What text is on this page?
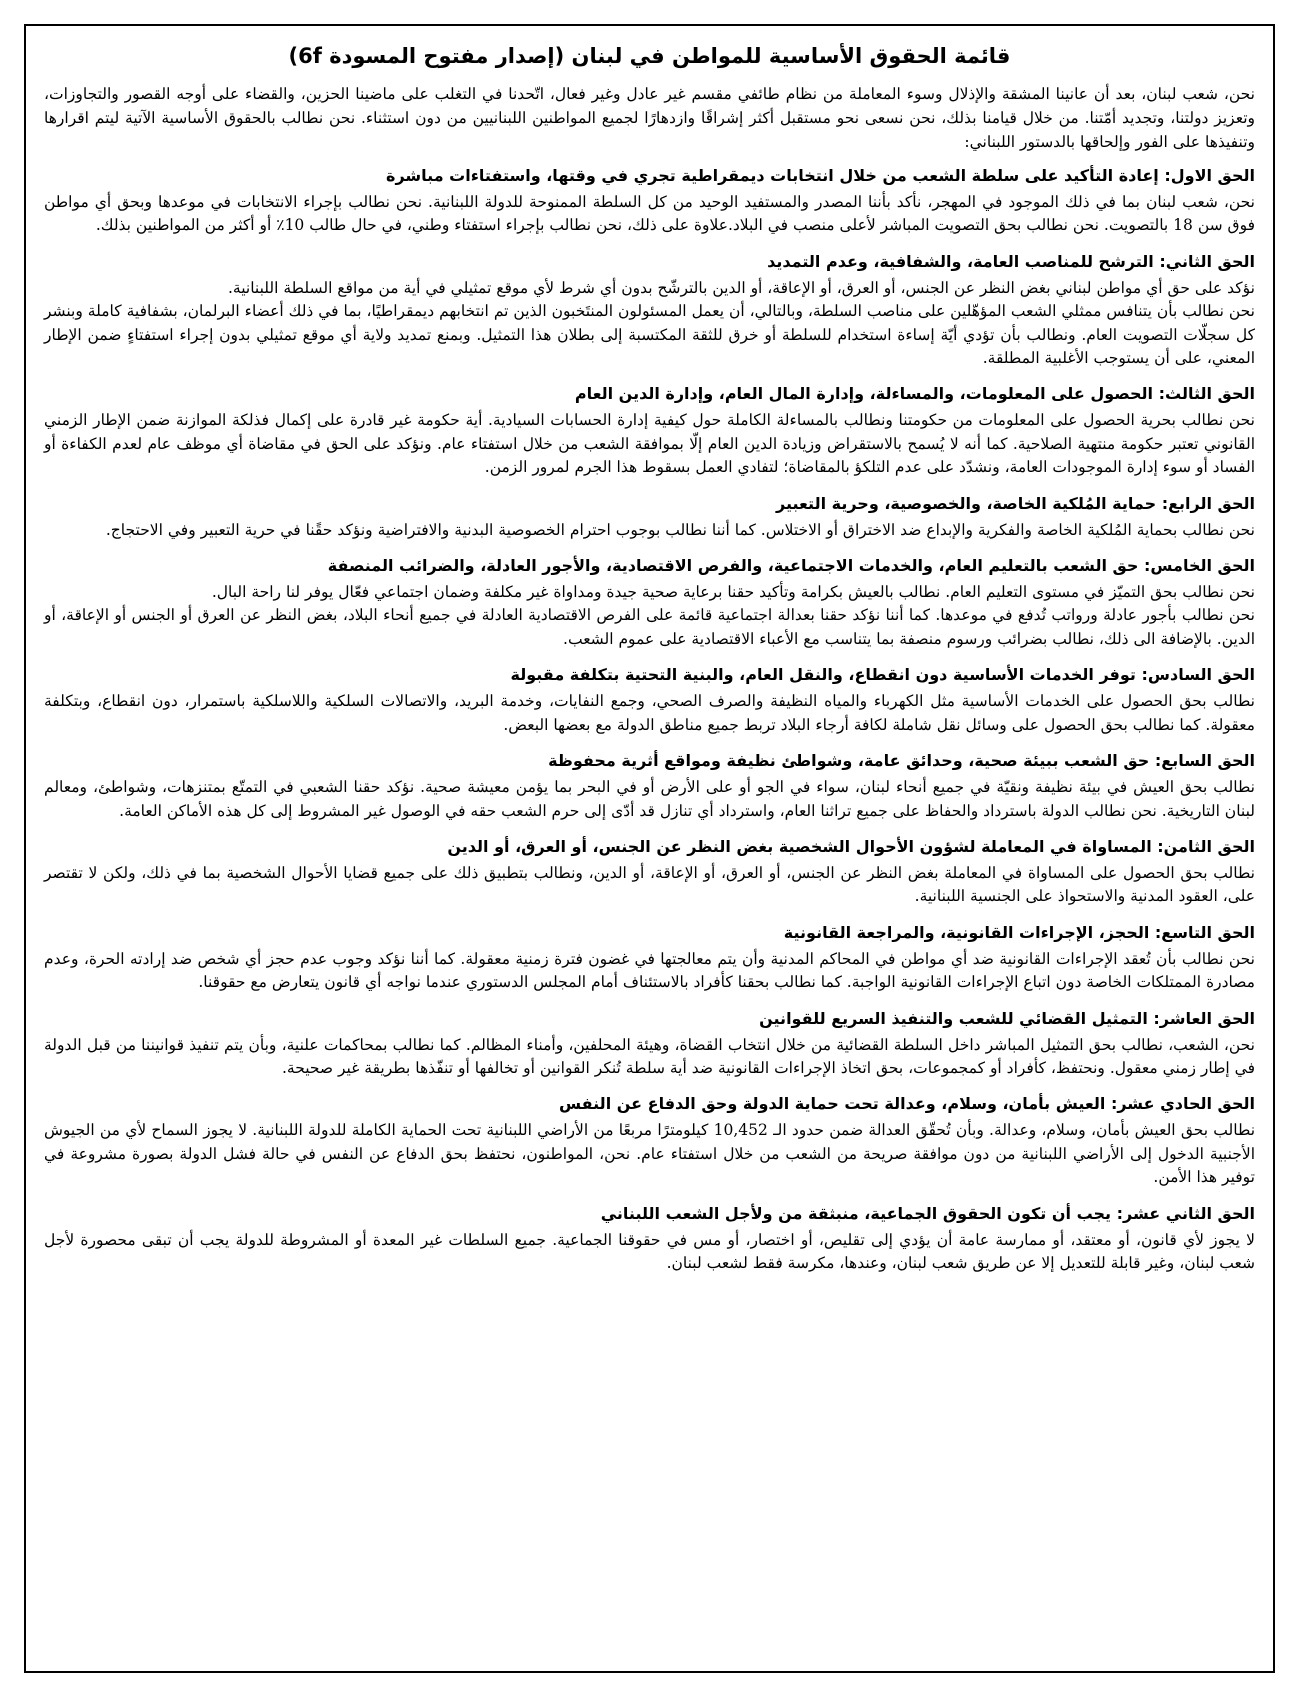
قائمة الحقوق الأساسية للمواطن في لبنان (إصدار مفتوح المسودة 6f)
نحن، شعب لبنان، بعد أن عانينا المشقة والإذلال وسوء المعاملة من نظام طائفي مقسم غير عادل وغير فعال، اتّحدنا في التغلب على ماضينا الحزين، والقضاء على أوجه القصور والتجاوزات، وتعزيز دولتنا، وتجديد أمّتنا. من خلال قيامنا بذلك، نحن نسعى نحو مستقبل أكثر إشراقًا وازدهارًا لجميع المواطنين اللبنانيين من دون استثناء. نحن نطالب بالحقوق الأساسية الآتية ليتم اقرارها وتنفيذها على الفور وإلحاقها بالدستور اللبناني:
الحق الاول: إعادة التأكيد على سلطة الشعب من خلال انتخابات ديمقراطية تجري في وقتها، واستفتاءات مباشرة

نحن، شعب لبنان بما في ذلك الموجود في المهجر، نأكد بأننا المصدر والمستفيد الوحيد من كل السلطة الممنوحة للدولة اللبنانية. نحن نطالب بإجراء الانتخابات في موعدها وبحق أي مواطن فوق سن 18 بالتصويت. نحن نطالب بحق التصويت المباشر لأعلى منصب في البلاد.علاوة على ذلك، نحن نطالب بإجراء استفتاء وطني، في حال طالب 10٪ أو أكثر من المواطنين بذلك.

الحق الثاني: الترشح للمناصب العامة، والشفافية، وعدم التمديد

نؤكد على حق أي مواطن لبناني بغض النظر عن الجنس، أو العرق، أو الإعاقة، أو الدين بالترشّح بدون أي شرط لأي موقع تمثيلي في أية من مواقع السلطة اللبنانية.

نحن نطالب بأن يتنافس ممثلي الشعب المؤهّلين على مناصب السلطة، وبالتالي، أن يعمل المسئولون المنتَخبون الذين تم انتخابهم ديمقراطيًا، بما في ذلك أعضاء البرلمان، بشفافية كاملة وبنشر كل سجلّات التصويت العام. ونطالب بأن تؤدي أيّة إساءة استخدام للسلطة أو خرق للثقة المكتسبة إلى بطلان هذا التمثيل. وبمنع تمديد ولاية أي موقع تمثيلي بدون إجراء استفتاءٍ ضمن الإطار المعني، على أن يستوجب الأغلبية المطلقة.

الحق الثالث: الحصول على المعلومات، والمساءلة، وإدارة المال العام، وإدارة الدين العام

نحن نطالب بحرية الحصول على المعلومات من حكومتنا ونطالب بالمساءلة الكاملة حول كيفية إدارة الحسابات السيادية. أية حكومة غير قادرة على إكمال فذلكة الموازنة ضمن الإطار الزمني القانوني تعتبر حكومة منتهية الصلاحية. كما أنه لا يُسمح بالاستقراض وزيادة الدين العام إلّا بموافقة الشعب من خلال استفتاء عام. ونؤكد على الحق في مقاضاة أي موظف عام لعدم الكفاءة أو الفساد أو سوء إدارة الموجودات العامة، ونشدّد على عدم التلكؤ بالمقاضاة؛ لتفادي العمل بسقوط هذا الجرم لمرور الزمن.

الحق الرابع: حماية المُلكية الخاصة، والخصوصية، وحرية التعبير

نحن نطالب بحماية المُلكية الخاصة والفكرية والإبداع ضد الاختراق أو الاختلاس. كما أننا نطالب بوجوب احترام الخصوصية البدنية والافتراضية ونؤكد حقًنا في حرية التعبير وفي الاحتجاج.

الحق الخامس: حق الشعب بالتعليم العام، والخدمات الاجتماعية، والفرص الاقتصادية، والأجور العادلة، والضرائب المنصفة

نحن نطالب بحق التميّز في مستوى التعليم العام. نطالب بالعيش بكرامة وتأكيد حقنا برعاية صحية جيدة ومداواة غير مكلفة وضمان اجتماعي فعّال يوفر لنا راحة البال.

نحن نطالب بأجور عادلة ورواتب تُدفع في موعدها. كما أننا نؤكد حقنا بعدالة اجتماعية قائمة على الفرص الاقتصادية العادلة في جميع أنحاء البلاد، بغض النظر عن العرق أو الجنس أو الإعاقة، أو الدين. بالإضافة الى ذلك، نطالب بضرائب ورسوم منصفة بما يتناسب مع الأعباء الاقتصادية على عموم الشعب.

الحق السادس: توفر الخدمات الأساسية دون انقطاع، والنقل العام، والبنية التحتية بتكلفة مقبولة

نطالب بحق الحصول على الخدمات الأساسية مثل الكهرباء والمياه النظيفة والصرف الصحي، وجمع النفايات، وخدمة البريد، والاتصالات السلكية واللاسلكية باستمرار، دون انقطاع، وبتكلفة معقولة. كما نطالب بحق الحصول على وسائل نقل شاملة لكافة أرجاء البلاد تربط جميع مناطق الدولة مع بعضها البعض.

الحق السابع: حق الشعب ببيئة صحية، وحدائق عامة، وشواطئ نظيفة ومواقع أثرية محفوظة

نطالب بحق العيش في بيئة نظيفة ونقيّة في جميع أنحاء لبنان، سواء في الجو أو على الأرض أو في البحر بما يؤمن معيشة صحية. نؤكد حقنا الشعبي في التمتّع بمتنزهات، وشواطئ، ومعالم لبنان التاريخية. نحن نطالب الدولة باسترداد والحفاظ على جميع تراثنا العام، واسترداد أي تنازل قد أدّى إلى حرم الشعب حقه في الوصول غير المشروط إلى كل هذه الأماكن العامة.

الحق الثامن: المساواة في المعاملة لشؤون الأحوال الشخصية بغض النظر عن الجنس، أو العرق، أو الدين

نطالب بحق الحصول على المساواة في المعاملة بغض النظر عن الجنس، أو العرق، أو الإعاقة، أو الدين، ونطالب بتطبيق ذلك على جميع قضايا الأحوال الشخصية بما في ذلك، ولكن لا تقتصر على، العقود المدنية والاستحواذ على الجنسية اللبنانية.

الحق التاسع: الحجز، الإجراءات القانونية، والمراجعة القانونية

نحن نطالب بأن تُعقد الإجراءات القانونية ضد أي مواطن في المحاكم المدنية وأن يتم معالجتها في غضون فترة زمنية معقولة. كما أننا نؤكد وجوب عدم حجز أي شخص ضد إرادته الحرة، وعدم مصادرة الممتلكات الخاصة دون اتباع الإجراءات القانونية الواجبة. كما نطالب بحقنا كأفراد بالاستئناف أمام المجلس الدستوري عندما نواجه أي قانون يتعارض مع حقوقنا.

الحق العاشر: التمثيل القضائي للشعب والتنفيذ السريع للقوانين

نحن، الشعب، نطالب بحق التمثيل المباشر داخل السلطة القضائية من خلال انتخاب القضاة، وهيئة المحلفين، وأمناء المظالم. كما نطالب بمحاكمات علنية، وبأن يتم تنفيذ قوانيننا من قبل الدولة في إطار زمني معقول. ونحتفظ، كأفراد أو كمجموعات، بحق اتخاذ الإجراءات القانونية ضد أية سلطة تُنكر القوانين أو تخالفها أو تنفّذها بطريقة غير صحيحة.

الحق الحادي عشر: العيش بأمان، وسلام، وعدالة تحت حماية الدولة وحق الدفاع عن النفس

نطالب بحق العيش بأمان، وسلام، وعدالة. وبأن تُحقّق العدالة ضمن حدود الـ 10,452 كيلومترًا مربعًا من الأراضي اللبنانية تحت الحماية الكاملة للدولة اللبنانية. لا يجوز السماح لأي من الجيوش الأجنبية الدخول إلى الأراضي اللبنانية من دون موافقة صريحة من الشعب من خلال استفتاء عام. نحن، المواطنون، نحتفظ بحق الدفاع عن النفس في حالة فشل الدولة بصورة مشروعة في توفير هذا الأمن.

الحق الثاني عشر: يجب أن تكون الحقوق الجماعية، منبثقة من ولأجل الشعب اللبناني

لا يجوز لأي قانون، أو معتقد، أو ممارسة عامة أن يؤدي إلى تقليص، أو اختصار، أو مس في حقوقنا الجماعية. جميع السلطات غير المعدة أو المشروطة للدولة يجب أن تبقى محصورة لأجل شعب لبنان، وغير قابلة للتعديل إلا عن طريق شعب لبنان، وعندها، مكرسة فقط لشعب لبنان.
